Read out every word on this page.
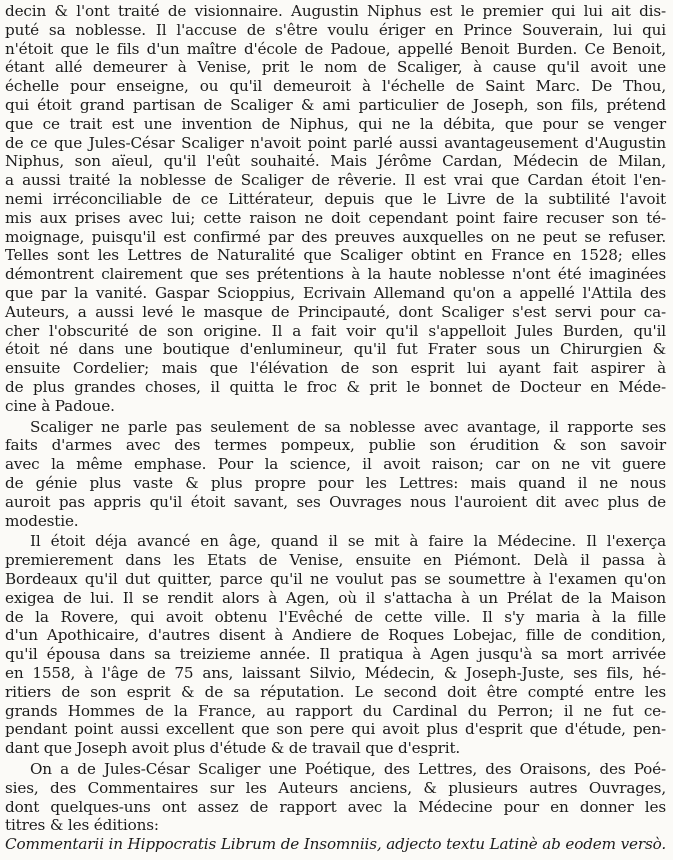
decin & l'ont traité de visionnaire. Augustin Niphus est le premier qui lui ait dis-
puté sa noblesse. Il l'accuse de s'être voulu ériger en Prince Souverain, lui qui
n'étoit que le fils d'un maître d'école de Padoue, appellé Benoit Burden. Ce Benoit,
étant allé demeurer à Venise, prit le nom de Scaliger, à cause qu'il avoit une
échelle pour enseigne, ou qu'il demeuroit à l'échelle de Saint Marc. De Thou,
qui étoit grand partisan de Scaliger & ami particulier de Joseph, son fils, prétend
que ce trait est une invention de Niphus, qui ne la débita, que pour se venger
de ce que Jules-César Scaliger n'avoit point parlé aussi avantageusement d'Augustin
Niphus, son aïeul, qu'il l'eût souhaité. Mais Jérôme Cardan, Médecin de Milan,
a aussi traité la noblesse de Scaliger de rêverie. Il est vrai que Cardan étoit l'en-
nemi irréconciliable de ce Littérateur, depuis que le Livre de la subtilité l'avoit
mis aux prises avec lui; cette raison ne doit cependant point faire recuser son té-
moignage, puisqu'il est confirmé par des preuves auxquelles on ne peut se refuser.
Telles sont les Lettres de Naturalité que Scaliger obtint en France en 1528; elles
démontrent clairement que ses prétentions à la haute noblesse n'ont été imaginées
que par la vanité. Gaspar Scioppius, Ecrivain Allemand qu'on a appellé l'Attila des
Auteurs, a aussi levé le masque de Principauté, dont Scaliger s'est servi pour ca-
cher l'obscurité de son origine. Il a fait voir qu'il s'appelloit Jules Burden, qu'il
étoit né dans une boutique d'enlumineur, qu'il fut Frater sous un Chirurgien &
ensuite Cordelier; mais que l'élévation de son esprit lui ayant fait aspirer à
de plus grandes choses, il quitta le froc & prit le bonnet de Docteur en Méde-
cine à Padoue.
Scaliger ne parle pas seulement de sa noblesse avec avantage, il rapporte ses
faits d'armes avec des termes pompeux, publie son érudition & son savoir
avec la même emphase. Pour la science, il avoit raison; car on ne vit guere
de génie plus vaste & plus propre pour les Lettres: mais quand il ne nous
auroit pas appris qu'il étoit savant, ses Ouvrages nous l'auroient dit avec plus de
modestie.
Il étoit déja avancé en âge, quand il se mit à faire la Médecine. Il l'exerça
premierement dans les Etats de Venise, ensuite en Piémont. Delà il passa à
Bordeaux qu'il dut quitter, parce qu'il ne voulut pas se soumettre à l'examen qu'on
exigea de lui. Il se rendit alors à Agen, où il s'attacha à un Prélat de la Maison
de la Rovere, qui avoit obtenu l'Evêché de cette ville. Il s'y maria à la fille
d'un Apothicaire, d'autres disent à Andiere de Roques Lobejac, fille de condition,
qu'il épousa dans sa treizieme année. Il pratiqua à Agen jusqu'à sa mort arrivée
en 1558, à l'âge de 75 ans, laissant Silvio, Médecin, & Joseph-Juste, ses fils, hé-
ritiers de son esprit & de sa réputation. Le second doit être compté entre les
grands Hommes de la France, au rapport du Cardinal du Perron; il ne fut ce-
pendant point aussi excellent que son pere qui avoit plus d'esprit que d'étude, pen-
dant que Joseph avoit plus d'étude & de travail que d'esprit.
On a de Jules-César Scaliger une Poétique, des Lettres, des Oraisons, des Poé-
sies, des Commentaires sur les Auteurs anciens, & plusieurs autres Ouvrages,
dont quelques-uns ont assez de rapport avec la Médecine pour en donner les
titres & les éditions:
Commentarii in Hippocratis Librum de Insomniis, adjecto textu Latinè ab eodem versò.
